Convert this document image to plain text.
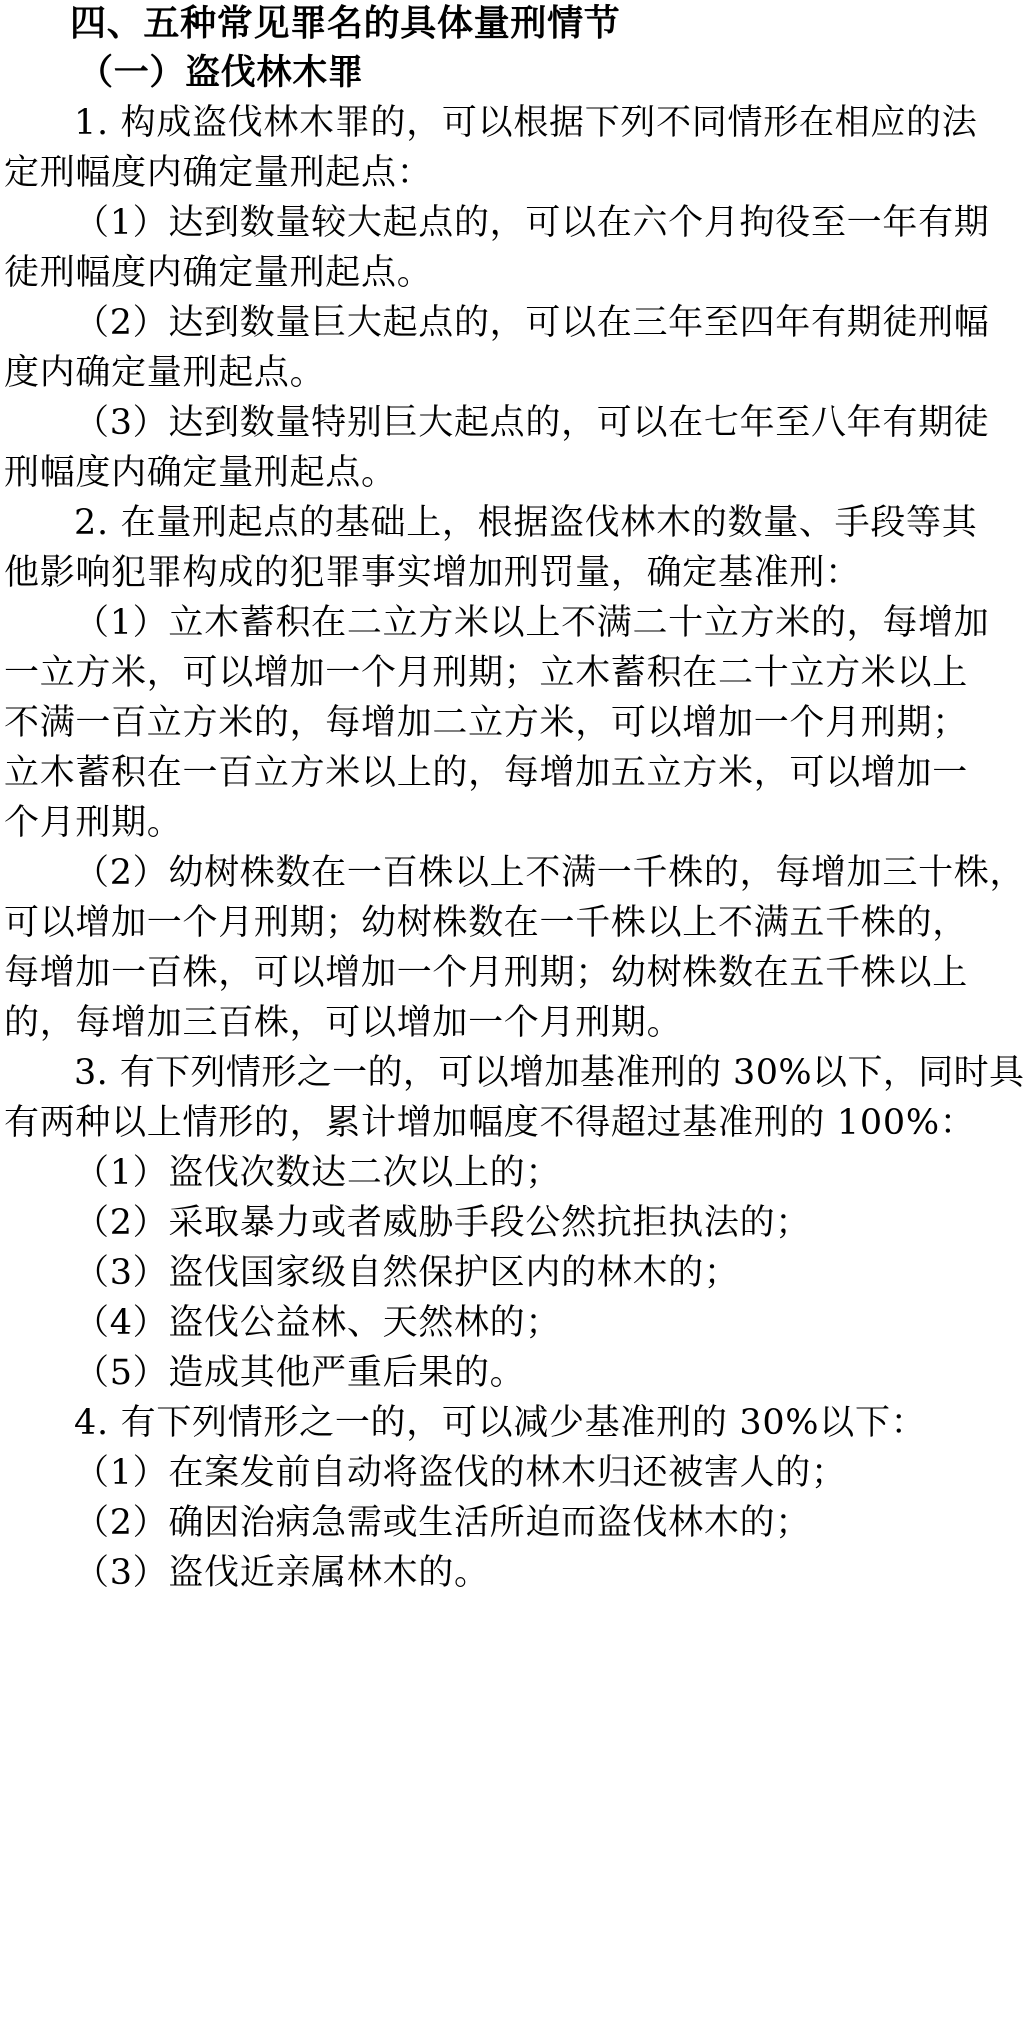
四、五种常见罪名的具体量刑情节
（一）盗伐林木罪
1. 构成盗伐林木罪的，可以根据下列不同情形在相应的法
定刑幅度内确定量刑起点：
（1）达到数量较大起点的，可以在六个月拘役至一年有期
徒刑幅度内确定量刑起点。
（2）达到数量巨大起点的，可以在三年至四年有期徒刑幅
度内确定量刑起点。
（3）达到数量特别巨大起点的，可以在七年至八年有期徒
刑幅度内确定量刑起点。
2. 在量刑起点的基础上，根据盗伐林木的数量、手段等其
他影响犯罪构成的犯罪事实增加刑罚量，确定基准刑：
（1）立木蓄积在二立方米以上不满二十立方米的，每增加
一立方米，可以增加一个月刑期；立木蓄积在二十立方米以上
不满一百立方米的，每增加二立方米，可以增加一个月刑期；
立木蓄积在一百立方米以上的，每增加五立方米，可以增加一
个月刑期。
（2）幼树株数在一百株以上不满一千株的，每增加三十株，
可以增加一个月刑期；幼树株数在一千株以上不满五千株的，
每增加一百株，可以增加一个月刑期；幼树株数在五千株以上
的，每增加三百株，可以增加一个月刑期。
3. 有下列情形之一的，可以增加基准刑的 30%以下，同时具
有两种以上情形的，累计增加幅度不得超过基准刑的 100%：
（1）盗伐次数达二次以上的；
（2）采取暴力或者威胁手段公然抗拒执法的；
（3）盗伐国家级自然保护区内的林木的；
（4）盗伐公益林、天然林的；
（5）造成其他严重后果的。
4. 有下列情形之一的，可以减少基准刑的 30%以下：
（1）在案发前自动将盗伐的林木归还被害人的；
（2）确因治病急需或生活所迫而盗伐林木的；
（3）盗伐近亲属林木的。
